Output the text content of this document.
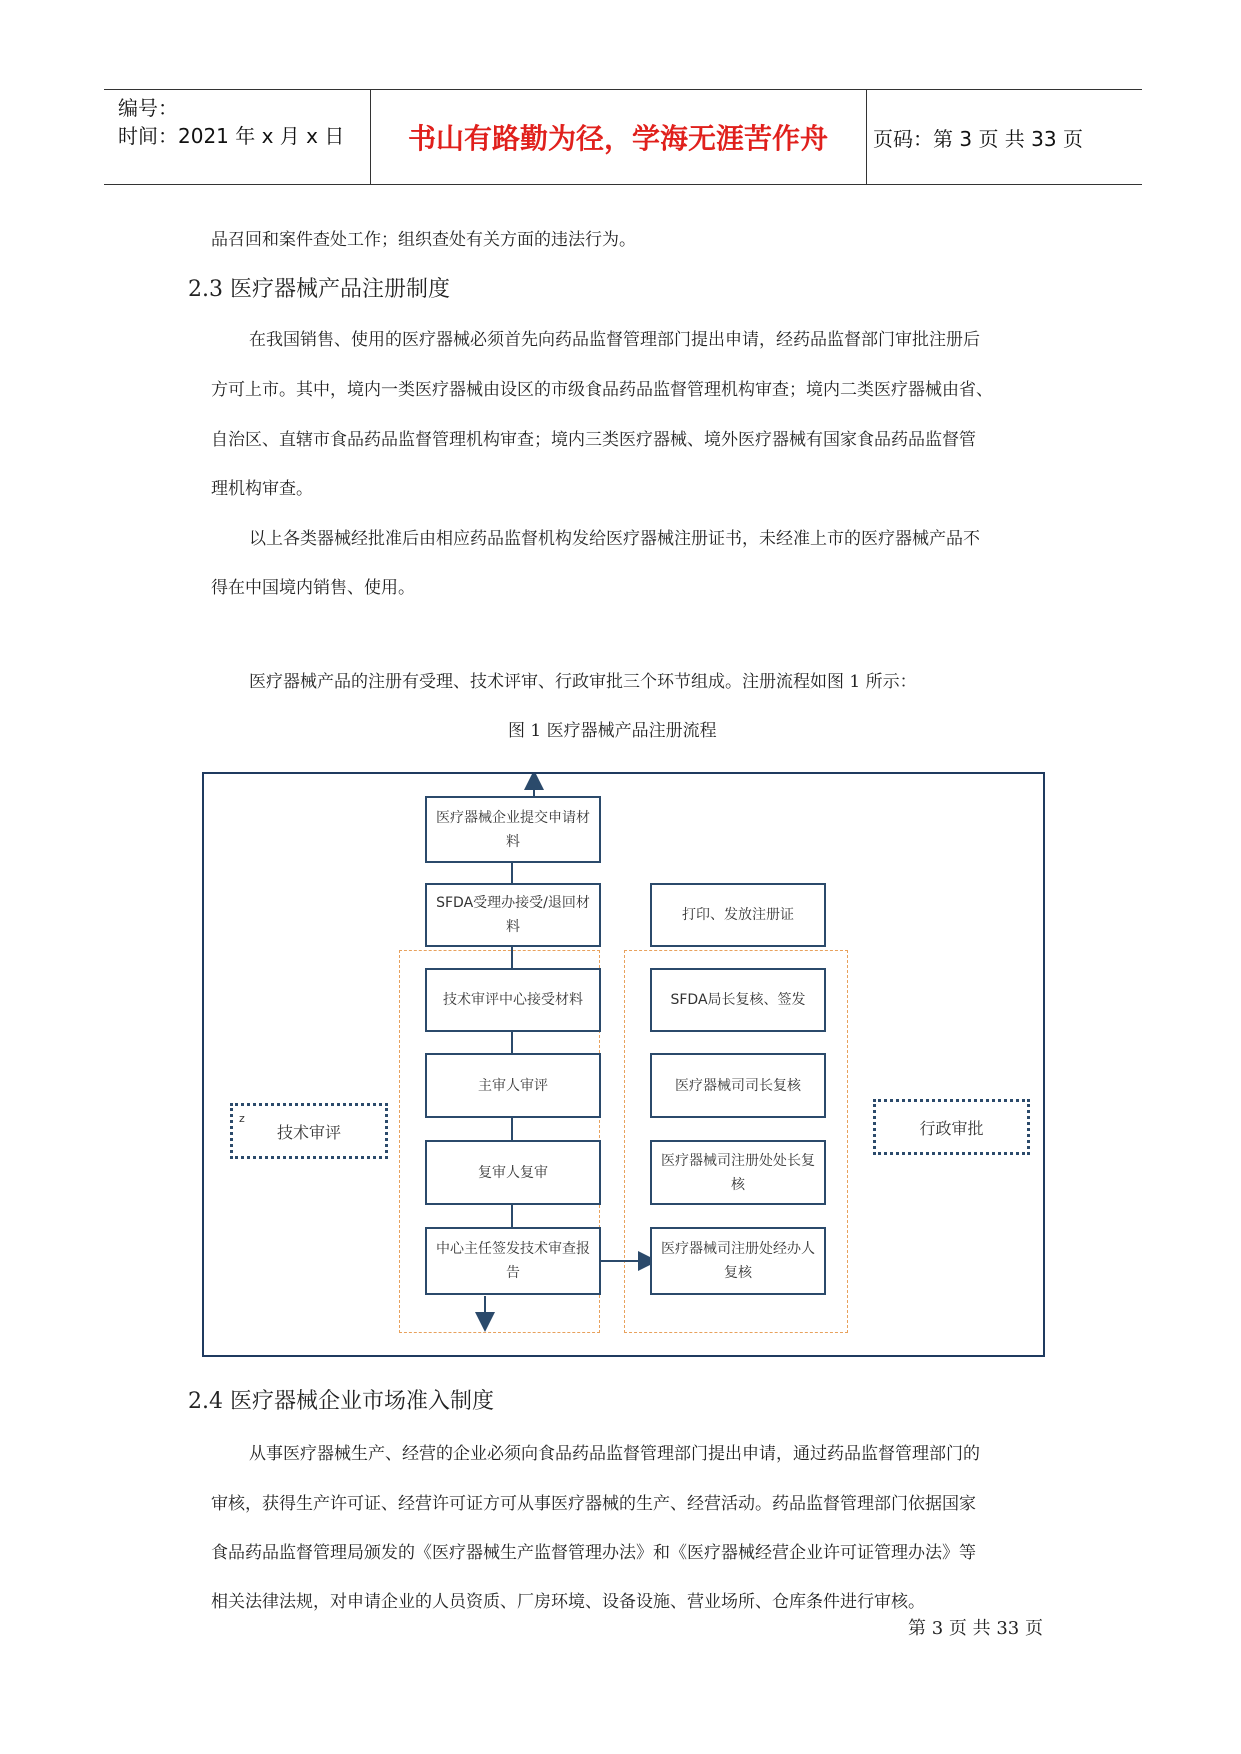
编号：
时间：2021 年 x 月 x 日	书山有路勤为径，学海无涯苦作舟	页码：第 3 页 共 33 页
品召回和案件查处工作；组织查处有关方面的违法行为。
2.3 医疗器械产品注册制度
在我国销售、使用的医疗器械必须首先向药品监督管理部门提出申请，经药品监督部门审批注册后
方可上市。其中，境内一类医疗器械由设区的市级食品药品监督管理机构审查；境内二类医疗器械由省、
自治区、直辖市食品药品监督管理机构审查；境内三类医疗器械、境外医疗器械有国家食品药品监督管
理机构审查。
以上各类器械经批准后由相应药品监督机构发给医疗器械注册证书，未经准上市的医疗器械产品不
得在中国境内销售、使用。
医疗器械产品的注册有受理、技术评审、行政审批三个环节组成。注册流程如图 1 所示：
图 1 医疗器械产品注册流程
医疗器械企业提交申请材料
SFDA受理办接受/退回材料
技术审评中心接受材料
主审人审评
复审人复审
中心主任签发技术审查报告
打印、发放注册证
SFDA局长复核、签发
医疗器械司司长复核
医疗器械司注册处处长复核
医疗器械司注册处经办人复核
z
技术审评	行政审批
2.4 医疗器械企业市场准入制度
从事医疗器械生产、经营的企业必须向食品药品监督管理部门提出申请，通过药品监督管理部门的
审核，获得生产许可证、经营许可证方可从事医疗器械的生产、经营活动。药品监督管理部门依据国家
食品药品监督管理局颁发的《医疗器械生产监督管理办法》和《医疗器械经营企业许可证管理办法》等
相关法律法规，对申请企业的人员资质、厂房环境、设备设施、营业场所、仓库条件进行审核。
第 3 页 共 33 页
